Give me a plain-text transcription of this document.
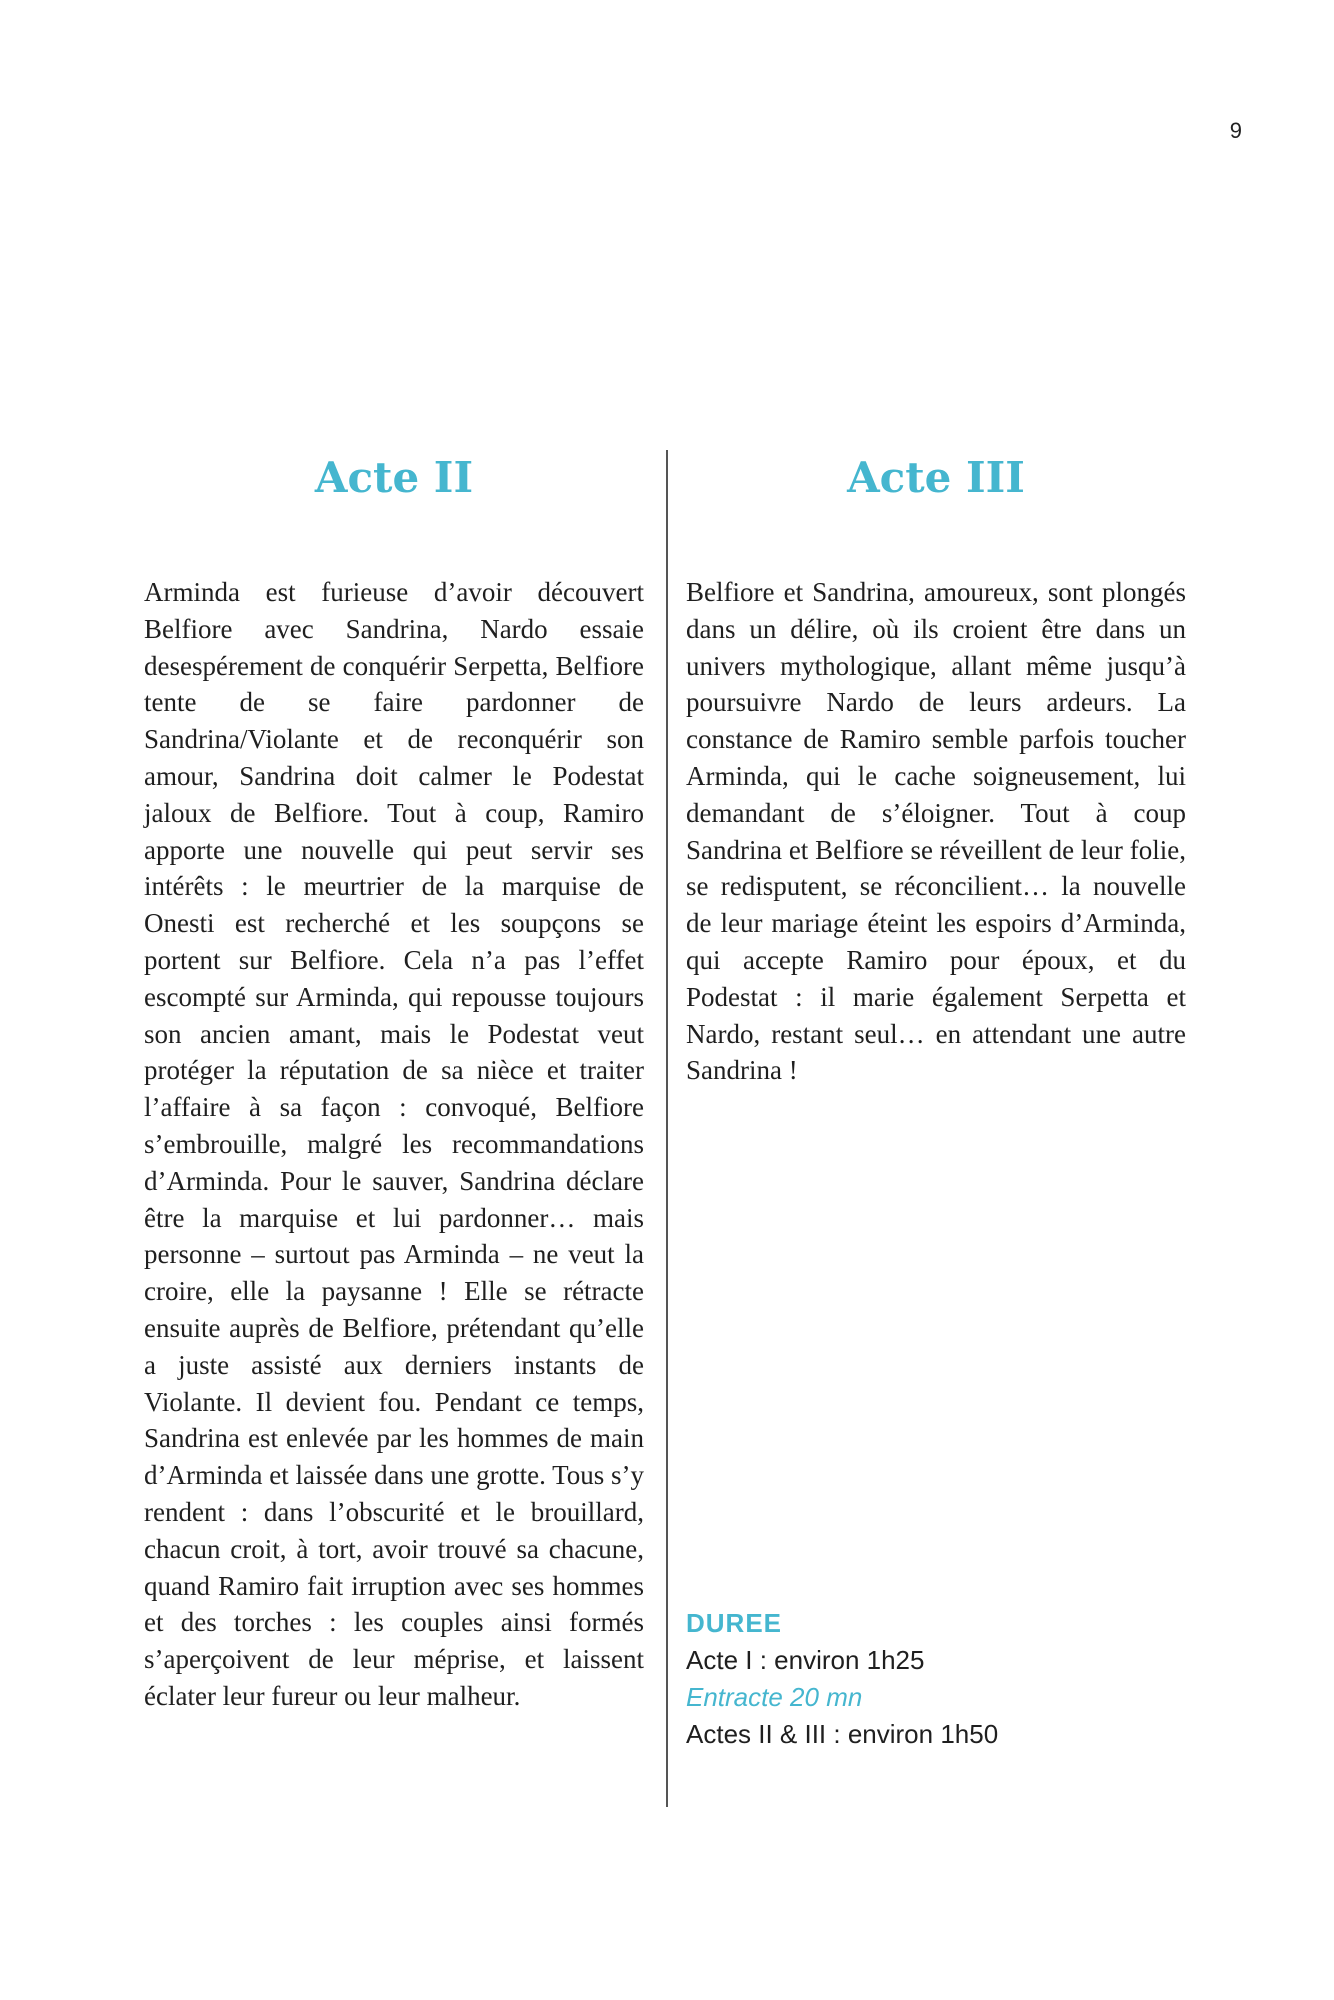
9
Acte II

Arminda est furieuse d’avoir découvert Belfiore avec Sandrina, Nardo essaie desespérement de conquérir Serpetta, Belfiore tente de se faire pardonner de Sandrina/Violante et de reconquérir son amour, Sandrina doit calmer le Podestat jaloux de Belfiore. Tout à coup, Ramiro apporte une nouvelle qui peut servir ses intérêts : le meurtrier de la marquise de Onesti est recherché et les soupçons se portent sur Belfiore. Cela n’a pas l’effet escompté sur Arminda, qui repousse toujours son ancien amant, mais le Podestat veut protéger la réputation de sa nièce et traiter l’affaire à sa façon : convoqué, Belfiore s’embrouille, malgré les recommandations d’Arminda. Pour le sauver, Sandrina déclare être la marquise et lui pardonner… mais personne – surtout pas Arminda – ne veut la croire, elle la paysanne ! Elle se rétracte ensuite auprès de Belfiore, prétendant qu’elle a juste assisté aux derniers instants de Violante. Il devient fou. Pendant ce temps, Sandrina est enlevée par les hommes de main d’Arminda et laissée dans une grotte. Tous s’y rendent : dans l’obscurité et le brouillard, chacun croit, à tort, avoir trouvé sa chacune, quand Ramiro fait irruption avec ses hommes et des torches : les couples ainsi formés s’aperçoivent de leur méprise, et laissent éclater leur fureur ou leur malheur.

Acte III

Belfiore et Sandrina, amoureux, sont plongés dans un délire, où ils croient être dans un univers mythologique, allant même jusqu’à poursuivre Nardo de leurs ardeurs. La constance de Ramiro semble parfois toucher Arminda, qui le cache soigneusement, lui demandant de s’éloigner. Tout à coup Sandrina et Belfiore se réveillent de leur folie, se redisputent, se réconcilient… la nouvelle de leur mariage éteint les espoirs d’Arminda, qui accepte Ramiro pour époux, et du Podestat : il marie également Serpetta et Nardo, restant seul… en attendant une autre Sandrina !

DUREE
Acte I : environ 1h25
Entracte 20 mn
Actes II & III : environ 1h50
